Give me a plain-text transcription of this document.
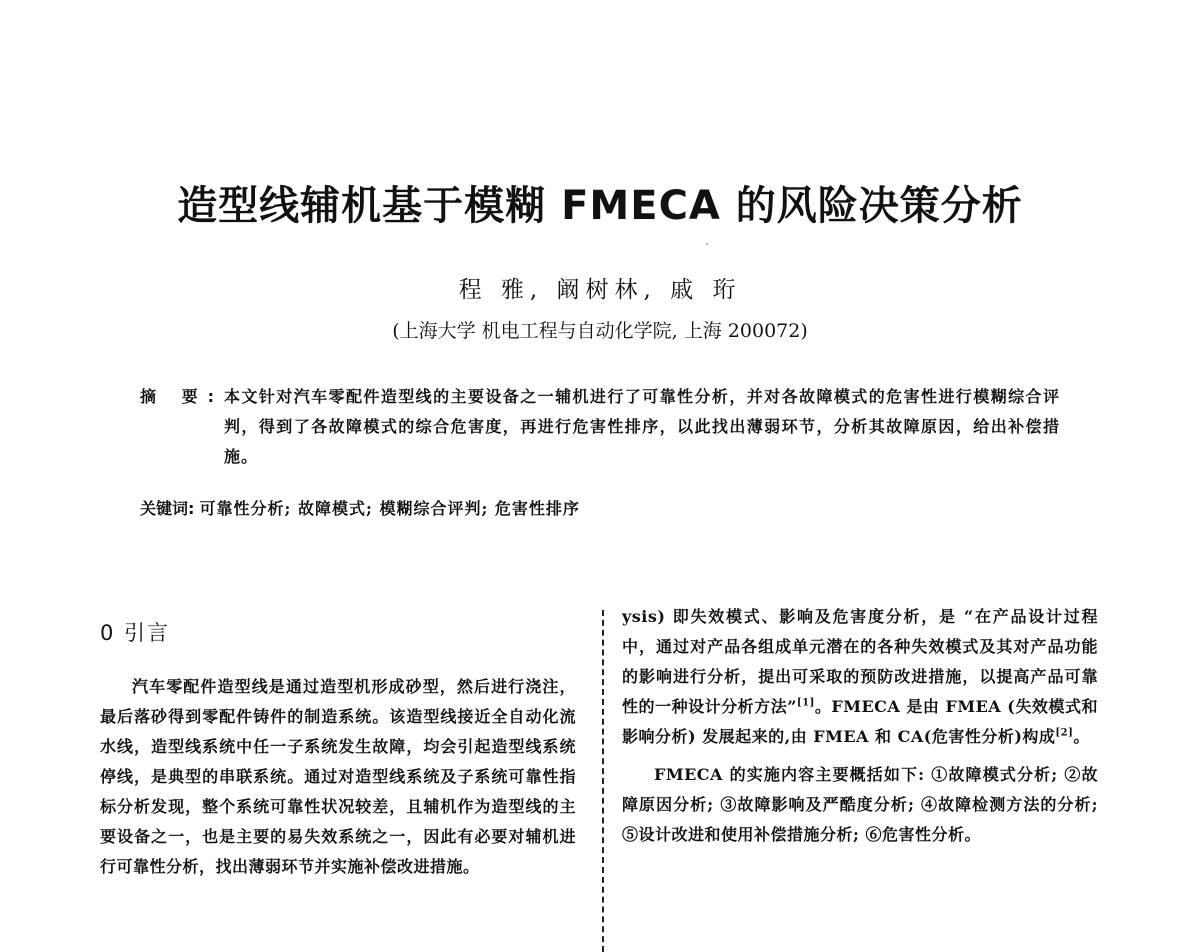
造型线辅机基于模糊 FMECA 的风险决策分析
程 雅, 阚树林, 戚 珩
(上海大学 机电工程与自动化学院, 上海 200072)
摘 要: 本文针对汽车零配件造型线的主要设备之一辅机进行了可靠性分析，并对各故障模式的危害性进行模糊综合评判，得到了各故障模式的综合危害度，再进行危害性排序，以此找出薄弱环节，分析其故障原因，给出补偿措施。
关键词: 可靠性分析; 故障模式; 模糊综合评判; 危害性排序
0 引言

汽车零配件造型线是通过造型机形成砂型，然后进行浇注，最后落砂得到零配件铸件的制造系统。该造型线接近全自动化流水线，造型线系统中任一子系统发生故障，均会引起造型线系统停线，是典型的串联系统。通过对造型线系统及子系统可靠性指标分析发现，整个系统可靠性状况较差，且辅机作为造型线的主要设备之一，也是主要的易失效系统之一，因此有必要对辅机进行可靠性分析，找出薄弱环节并实施补偿改进措施。

ysis) 即失效模式、影响及危害度分析，是 “在产品设计过程中，通过对产品各组成单元潜在的各种失效模式及其对产品功能的影响进行分析，提出可采取的预防改进措施，以提高产品可靠性的一种设计分析方法”[1]。FMECA 是由 FMEA (失效模式和影响分析) 发展起来的,由 FMEA 和 CA(危害性分析)构成[2]。

FMECA 的实施内容主要概括如下: ①故障模式分析; ②故障原因分析; ③故障影响及严酷度分析; ④故障检测方法的分析; ⑤设计改进和使用补偿措施分析; ⑥危害性分析。
